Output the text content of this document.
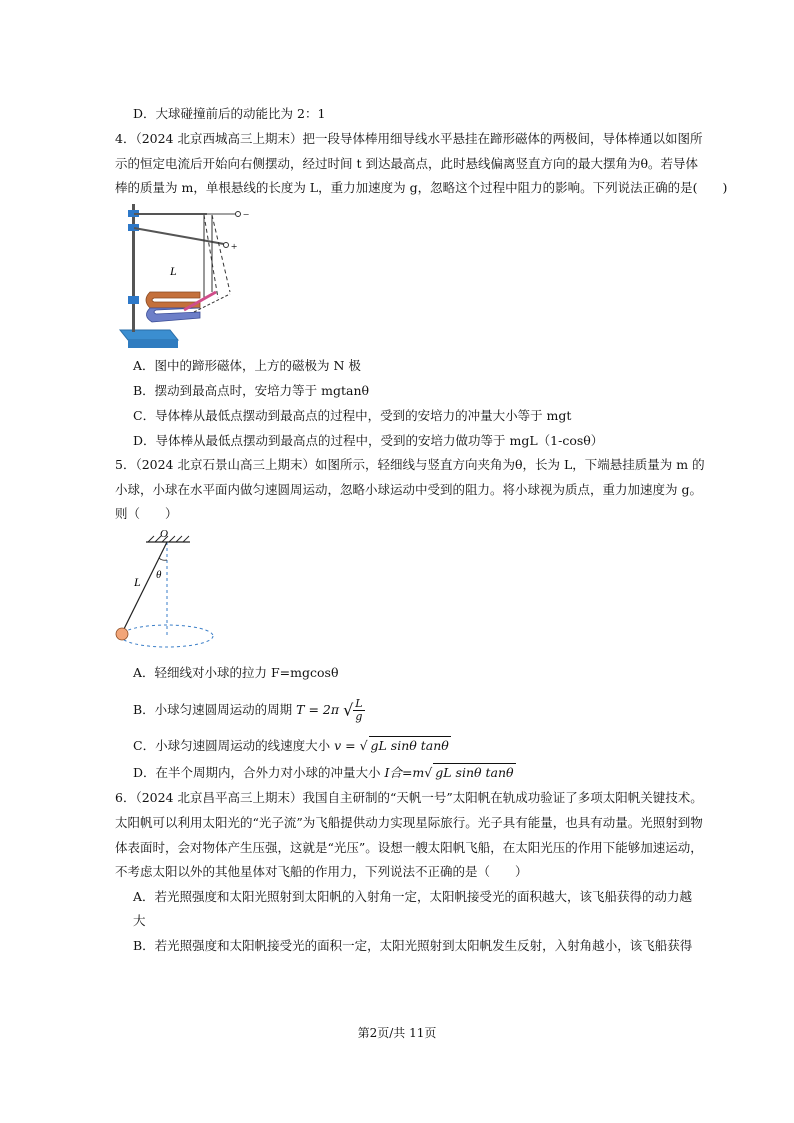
D．大球碰撞前后的动能比为 2：1
4．（2024 北京西城高三上期末）把一段导体棒用细导线水平悬挂在蹄形磁体的两极间，导体棒通以如图所
示的恒定电流后开始向右侧摆动，经过时间 t 到达最高点，此时悬线偏离竖直方向的最大摆角为θ。若导体
棒的质量为 m，单根悬线的长度为 L，重力加速度为 g，忽略这个过程中阻力的影响。下列说法正确的是(　　)
−
+
L
A．图中的蹄形磁体，上方的磁极为 N 极
B．摆动到最高点时，安培力等于 mgtanθ
C．导体棒从最低点摆动到最高点的过程中，受到的安培力的冲量大小等于 mgt
D．导体棒从最低点摆动到最高点的过程中，受到的安培力做功等于 mgL（1-cosθ）
5．（2024 北京石景山高三上期末）如图所示，轻细线与竖直方向夹角为θ，长为 L，下端悬挂质量为 m 的
小球，小球在水平面内做匀速圆周运动，忽略小球运动中受到的阻力。将小球视为质点，重力加速度为 g。
则（　　）
O
θ
L
A．轻细线对小球的拉力 F=mgcosθ
B．小球匀速圆周运动的周期 T = 2π √ $\frac{L}{g}$
C．小球匀速圆周运动的线速度大小 v = √ gL sinθ tanθ
D．在半个周期内，合外力对小球的冲量大小 I合=m√ gL sinθ tanθ
6．（2024 北京昌平高三上期末）我国自主研制的“天帆一号”太阳帆在轨成功验证了多项太阳帆关键技术。
太阳帆可以利用太阳光的“光子流”为飞船提供动力实现星际旅行。光子具有能量，也具有动量。光照射到物
体表面时，会对物体产生压强，这就是“光压”。设想一艘太阳帆飞船，在太阳光压的作用下能够加速运动，
不考虑太阳以外的其他星体对飞船的作用力，下列说法不正确的是（　　）
A．若光照强度和太阳光照射到太阳帆的入射角一定，太阳帆接受光的面积越大，该飞船获得的动力越
大
B．若光照强度和太阳帆接受光的面积一定，太阳光照射到太阳帆发生反射，入射角越小，该飞船获得
第2页/共 11页
